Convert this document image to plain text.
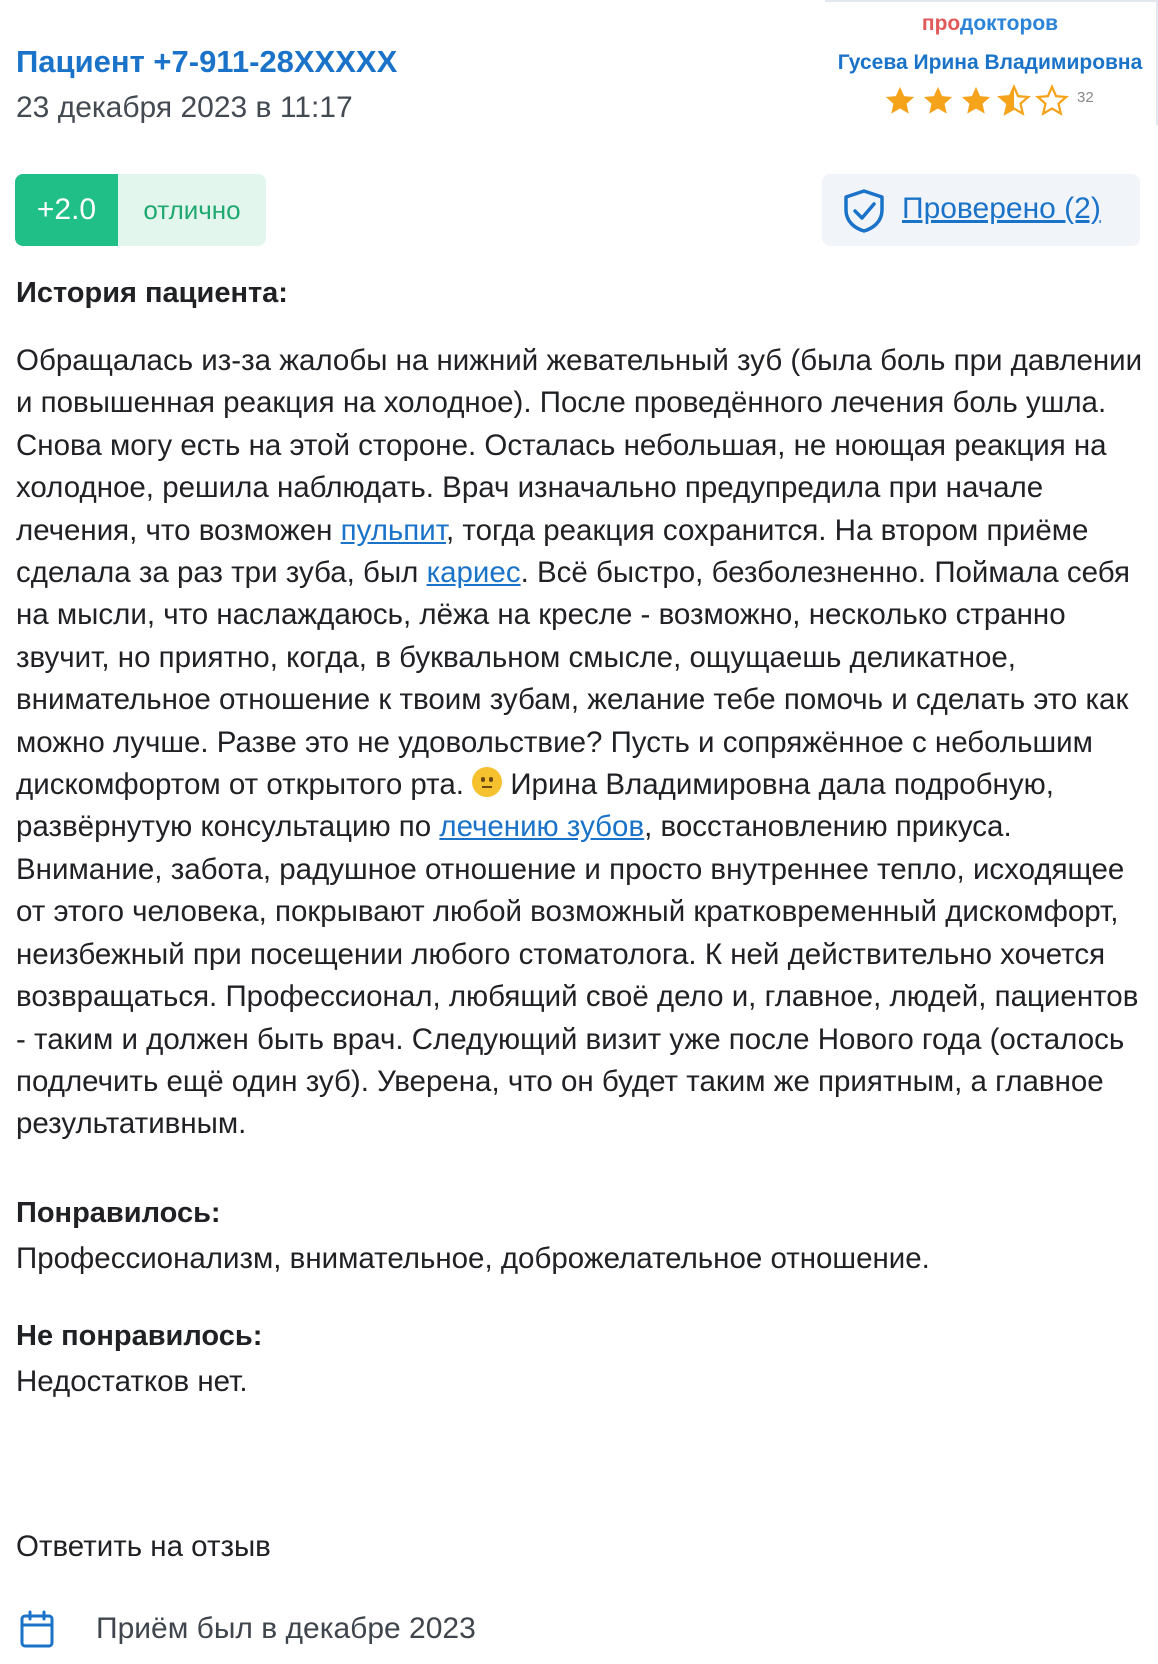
Пациент +7-911-28XXXXX
23 декабря 2023 в 11:17
продокторов
Гусева Ирина Владимировна
32
+2.0	отлично	Проверено (2)
История пациента:
Обращалась из-за жалобы на нижний жевательный зуб (была боль при давлении и повышенная реакция на холодное). После проведённого лечения боль ушла. Снова могу есть на этой стороне. Осталась небольшая, не ноющая реакция на холодное, решила наблюдать. Врач изначально предупредила при начале лечения, что возможен пульпит, тогда реакция сохранится. На втором приёме сделала за раз три зуба, был кариес. Всё быстро, безболезненно. Поймала себя на мысли, что наслаждаюсь, лёжа на кресле - возможно, несколько странно звучит, но приятно, когда, в буквальном смысле, ощущаешь деликатное, внимательное отношение к твоим зубам, желание тебе помочь и сделать это как можно лучше. Разве это не удовольствие? Пусть и сопряжённое с небольшим дискомфортом от открытого рта.
Ирина Владимировна дала подробную, развёрнутую консультацию по лечению зубов, восстановлению прикуса. Внимание, забота, радушное отношение и просто внутреннее тепло, исходящее от этого человека, покрывают любой возможный кратковременный дискомфорт, неизбежный при посещении любого стоматолога. К ней действительно хочется возвращаться. Профессионал, любящий своё дело и, главное, людей, пациентов - таким и должен быть врач. Следующий визит уже после Нового года (осталось подлечить ещё один зуб). Уверена, что он будет таким же приятным, а главное результативным.
Понравилось:
Профессионализм, внимательное, доброжелательное отношение.
Не понравилось:
Недостатков нет.
Ответить на отзыв
Приём был в декабре 2023
